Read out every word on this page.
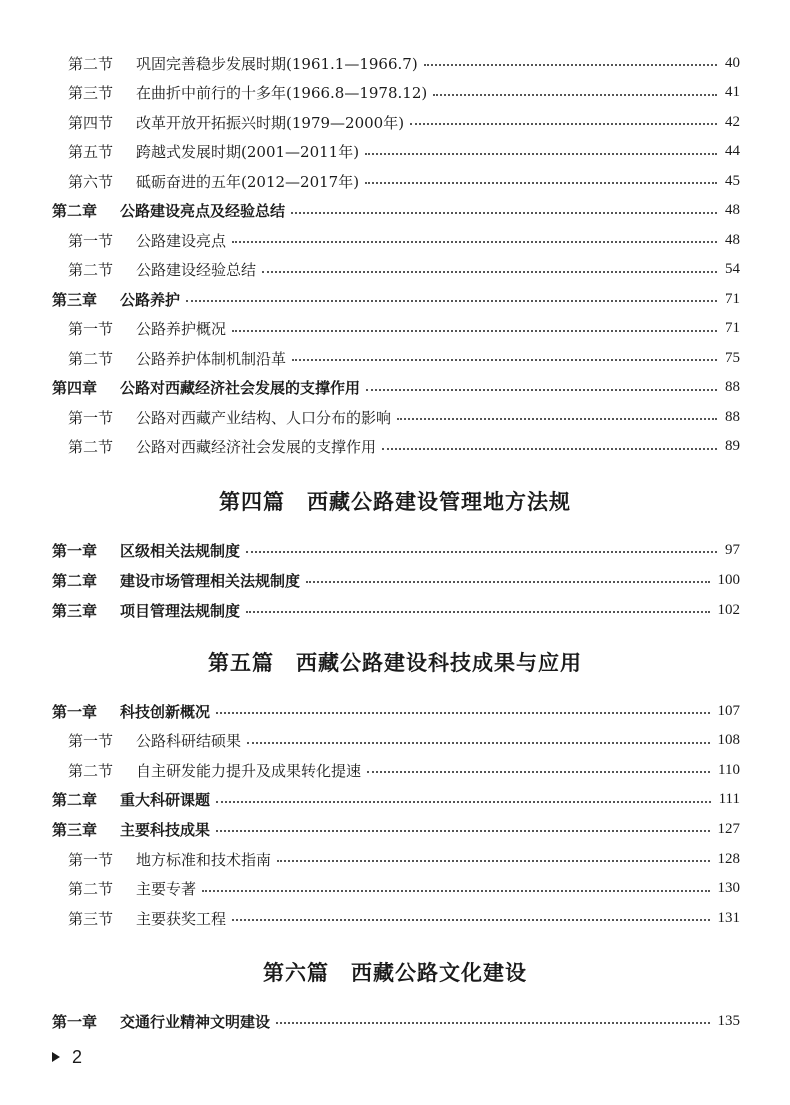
第四篇　西藏公路建设管理地方法规
第五篇　西藏公路建设科技成果与应用
第六篇　西藏公路文化建设
2
第二节	巩固完善稳步发展时期(1961.1—1966.7)	40
第三节	在曲折中前行的十多年(1966.8—1978.12)	41
第四节	改革开放开拓振兴时期(1979—2000年)	42
第五节	跨越式发展时期(2001—2011年)	44
第六节	砥砺奋进的五年(2012—2017年)	45
第二章	公路建设亮点及经验总结	48
第一节	公路建设亮点	48
第二节	公路建设经验总结	54
第三章	公路养护	71
第一节	公路养护概况	71
第二节	公路养护体制机制沿革	75
第四章	公路对西藏经济社会发展的支撑作用	88
第一节	公路对西藏产业结构、人口分布的影响	88
第二节	公路对西藏经济社会发展的支撑作用	89
第一章	区级相关法规制度	97
第二章	建设市场管理相关法规制度	100
第三章	项目管理法规制度	102
第一章	科技创新概况	107
第一节	公路科研结硕果	108
第二节	自主研发能力提升及成果转化提速	110
第二章	重大科研课题	111
第三章	主要科技成果	127
第一节	地方标准和技术指南	128
第二节	主要专著	130
第三节	主要获奖工程	131
第一章	交通行业精神文明建设	135
